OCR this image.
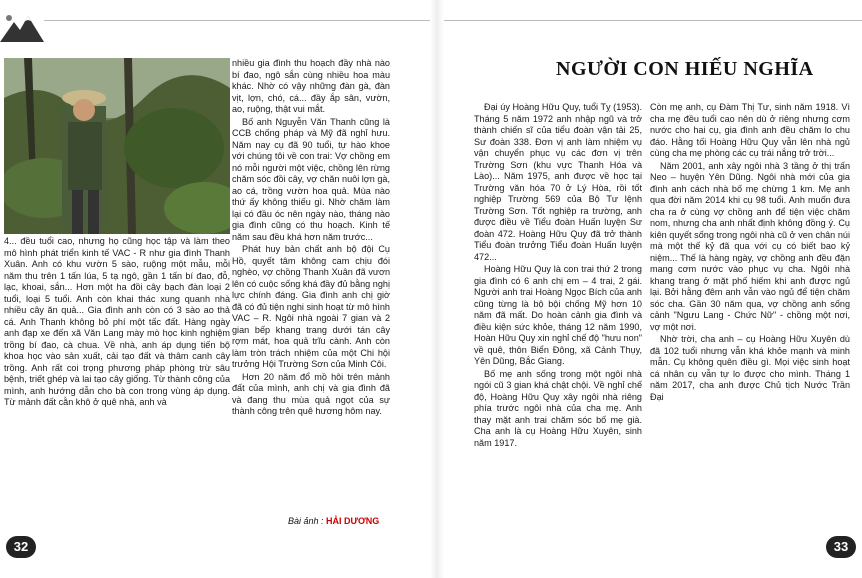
4... đều tuổi cao, nhưng họ cũng học tập và làm theo mô hình phát triển kinh tế VAC - R như gia đình Thanh Xuân. Anh có khu vườn 5 sào, ruộng một mẫu, mỗi năm thu trên 1 tấn lúa, 5 tạ ngô, gần 1 tấn bí đao, đỗ, lạc, khoai, sắn... Hơn một ha đồi cây bạch đàn loại 2 tuổi, loại 5 tuổi. Anh còn khai thác xung quanh nhà nhiều cây ăn quả... Gia đình anh còn có 3 sào ao thả cá. Anh Thanh không bỏ phí một tấc đất. Hàng ngày anh đạp xe đến xã Văn Lang mày mò học kinh nghiệm trồng bí đao, cà chua. Về nhà, anh áp dụng tiến bộ khoa học vào sản xuất, cải tạo đất và thâm canh cây trồng. Anh rất coi trọng phương pháp phòng trừ sâu bệnh, triết ghép và lai tạo cây giống. Từ thành công của mình, anh hướng dẫn cho bà con trong vùng áp dụng. Từ mảnh đất cằn khô ở quê nhà, anh và

nhiều gia đình thu hoạch đầy nhà nào bí đao, ngô sắn cùng nhiều hoa màu khác. Nhờ có vậy những đàn gà, đàn vịt, lợn, chó, cá... đầy ắp sân, vườn, ao, ruộng, thật vui mắt.

Bố anh Nguyễn Văn Thanh cũng là CCB chống pháp và Mỹ đã nghỉ hưu. Năm nay cụ đã 90 tuổi, tự hào khoe với chúng tôi về con trai: Vợ chồng em nó mỗi người một việc, chồng lên rừng chăm sóc đồi cây, vợ chăn nuôi lợn gà, ao cá, trồng vườn hoa quả. Mùa nào thứ ấy không thiếu gì. Nhờ chăm làm lại có đầu óc nên ngày nào, tháng nào gia đình cũng có thu hoạch. Kinh tế năm sau đều khá hơn năm trước...

Phát huy bản chất anh bộ đội Cụ Hồ, quyết tâm không cam chịu đói nghèo, vợ chồng Thanh Xuân đã vươn lên có cuộc sống khá đầy đủ bằng nghị lực chính đáng. Gia đình anh chị giờ đã có đủ tiện nghi sinh hoạt từ mô hình VAC – R. Ngôi nhà ngoài 7 gian và 2 gian bếp khang trang dưới tán cây rợm mát, hoa quả trĩu cành. Anh còn làm tròn trách nhiệm của một Chi hội trưởng Hội Trường Sơn của Minh Côi.

Hơn 20 năm đổ mồ hôi trên mảnh đất của mình, anh chị và gia đình đã và đang thu mùa quả ngọt của sự thành công trên quê hương hôm nay.

Bài ảnh : HẢI DƯƠNG
NGƯỜI CON HIẾU NGHĨA

Đại úy Hoàng Hữu Quy, tuổi Tỵ (1953). Tháng 5 năm 1972 anh nhập ngũ và trở thành chiến sĩ của tiểu đoàn vận tải 25, Sư đoàn 338. Đơn vị anh làm nhiệm vụ vận chuyển phục vụ các đơn vị trên Trường Sơn (khu vực Thanh Hóa và Lào)... Năm 1975, anh được về học tại Trường văn hóa 70 ở Lý Hòa, rồi tốt nghiệp Trường 569 của Bộ Tư lệnh Trường Sơn. Tốt nghiệp ra trường, anh được điều về Tiểu đoàn Huấn luyện Sư đoàn 472. Hoàng Hữu Quy đã trở thành Tiểu đoàn trưởng Tiểu đoàn Huấn luyện 472...

Hoàng Hữu Quy là con trai thứ 2 trong gia đình có 6 anh chị em – 4 trai, 2 gái. Người anh trai Hoàng Ngọc Bích của anh cũng từng là bộ bội chống Mỹ hơn 10 năm đã mất. Do hoàn cảnh gia đình và điều kiện sức khỏe, tháng 12 năm 1990, Hoàn Hữu Quy xin nghỉ chế độ "hưu non" về quê, thôn Biển Đông, xã Cảnh Thụy, Yên Dũng, Bắc Giang.

Bố mẹ anh sống trong một ngôi nhà ngói cũ 3 gian khá chật chội. Về nghỉ chế độ, Hoàng Hữu Quy xây ngôi nhà riêng phía trước ngôi nhà của cha mẹ. Anh thay mặt anh trai chăm sóc bố mẹ già. Cha anh là cụ Hoàng Hữu Xuyên, sinh năm 1917.

Còn mẹ anh, cụ Đàm Thị Tư, sinh năm 1918. Vì cha mẹ đều tuổi cao nên dù ở riêng nhưng cơm nước cho hai cụ, gia đình anh đều chăm lo chu đáo. Hằng tối Hoàng Hữu Quy vẫn lên nhà ngủ cùng cha mẹ phòng các cụ trái nắng trở trời...

Năm 2001, anh xây ngôi nhà 3 tầng ở thị trấn Neo – huyện Yên Dũng. Ngôi nhà mới của gia đình anh cách nhà bố mẹ chừng 1 km. Mẹ anh qua đời năm 2014 khi cụ 98 tuổi. Anh muốn đưa cha ra ở cùng vợ chồng anh để tiện việc chăm nom, nhưng cha anh nhất định không đồng ý. Cụ kiên quyết sống trong ngôi nhà cũ ở ven chân núi mà một thế kỷ đã qua với cụ có biết bao kỷ niệm... Thế là hàng ngày, vợ chồng anh đều đặn mang cơm nước vào phục vụ cha. Ngôi nhà khang trang ở mặt phố hiếm khi anh được ngủ lại. Bởi hằng đêm anh vẫn vào ngủ để tiện chăm sóc cha. Gần 30 năm qua, vợ chồng anh sống cảnh "Ngưu Lang - Chức Nữ" - chồng một nơi, vợ một nơi.

Nhờ trời, cha anh – cụ Hoàng Hữu Xuyên dù đã 102 tuổi nhưng vẫn khá khỏe mạnh và minh mẫn. Cụ không quên điều gì. Mọi việc sinh hoạt cá nhân cụ vẫn tự lo được cho mình. Tháng 1 năm 2017, cha anh được Chủ tịch Nước Trần Đại

32	33
